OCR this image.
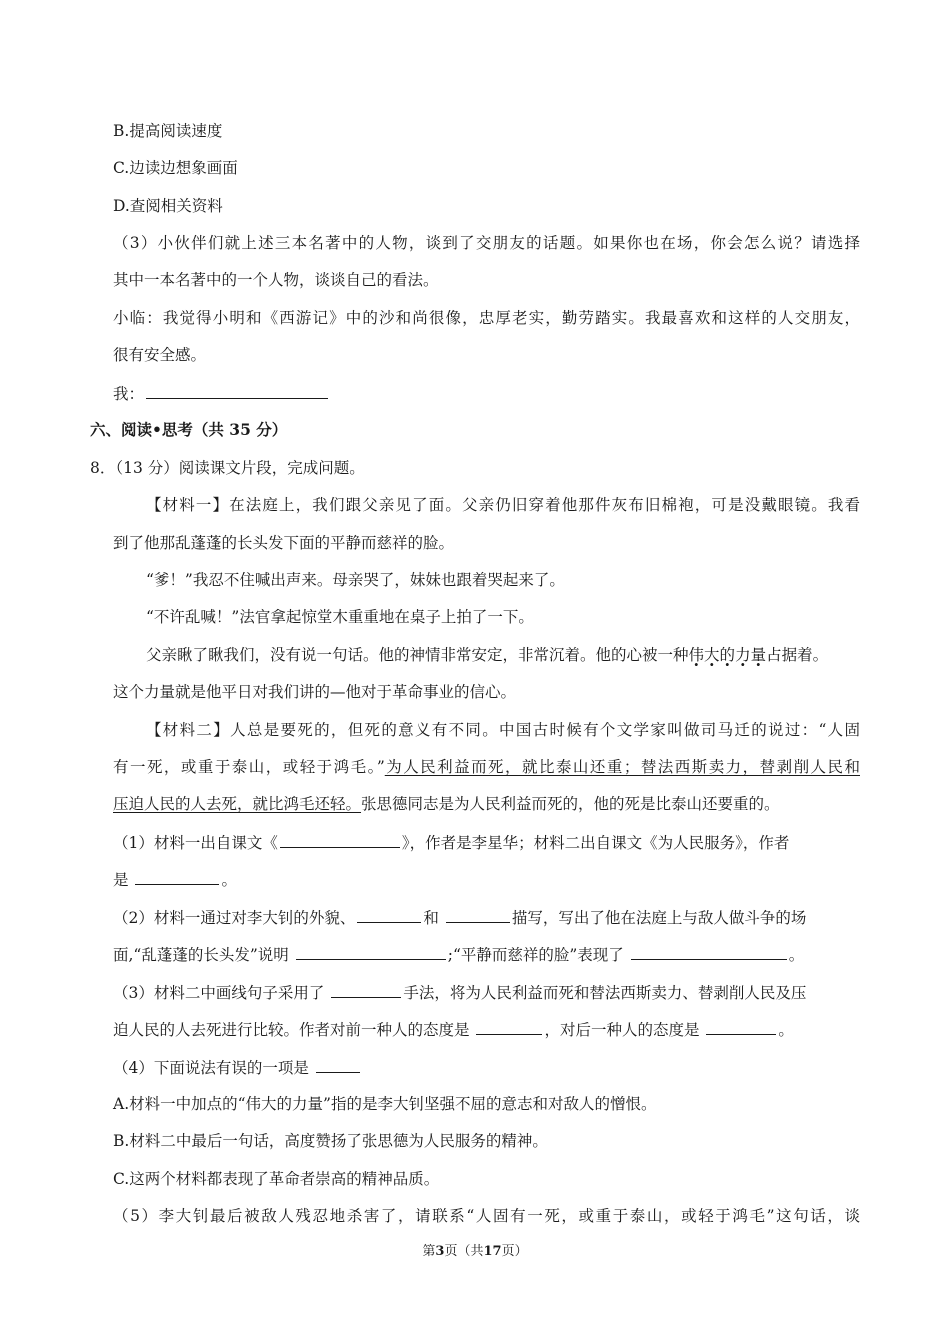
B.提高阅读速度
C.边读边想象画面
D.查阅相关资料
（3）小伙伴们就上述三本名著中的人物，谈到了交朋友的话题。如果你也在场，你会怎么说？请选择
其中一本名著中的一个人物，谈谈自己的看法。
小临：我觉得小明和《西游记》中的沙和尚很像，忠厚老实，勤劳踏实。我最喜欢和这样的人交朋友，
很有安全感。
我：
六、阅读•思考（共 35 分）
8．（13 分）阅读课文片段，完成问题。
【材料一】在法庭上，我们跟父亲见了面。父亲仍旧穿着他那件灰布旧棉袍，可是没戴眼镜。我看
到了他那乱蓬蓬的长头发下面的平静而慈祥的脸。
“爹！”我忍不住喊出声来。母亲哭了，妹妹也跟着哭起来了。
“不许乱喊！”法官拿起惊堂木重重地在桌子上拍了一下。
父亲瞅了瞅我们，没有说一句话。他的神情非常安定，非常沉着。他的心被一种伟大的力量占据着。
这个力量就是他平日对我们讲的—他对于革命事业的信心。
【材料二】人总是要死的，但死的意义有不同。中国古时候有个文学家叫做司马迁的说过：“人固
有一死，或重于泰山，或轻于鸿毛。”为人民利益而死，就比泰山还重；替法西斯卖力，替剥削人民和
压迫人民的人去死，就比鸿毛还轻。张思德同志是为人民利益而死的，他的死是比泰山还要重的。
（1）材料一出自课文《	》，作者是李星华；材料二出自课文《为人民服务》，作者
是	。
（2）材料一通过对李大钊的外貌、	和	描写，写出了他在法庭上与敌人做斗争的场
面,“乱蓬蓬的长头发”说明	;“平静而慈祥的脸”表现了	。
（3）材料二中画线句子采用了	手法，将为人民利益而死和替法西斯卖力、替剥削人民及压
迫人民的人去死进行比较。作者对前一种人的态度是	，对后一种人的态度是	。
（4）下面说法有误的一项是
A.材料一中加点的“伟大的力量”指的是李大钊坚强不屈的意志和对敌人的憎恨。
B.材料二中最后一句话，高度赞扬了张思德为人民服务的精神。
C.这两个材料都表现了革命者崇高的精神品质。
（5）李大钊最后被敌人残忍地杀害了，请联系“人固有一死，或重于泰山，或轻于鸿毛”这句话，谈
第3页（共17页）
